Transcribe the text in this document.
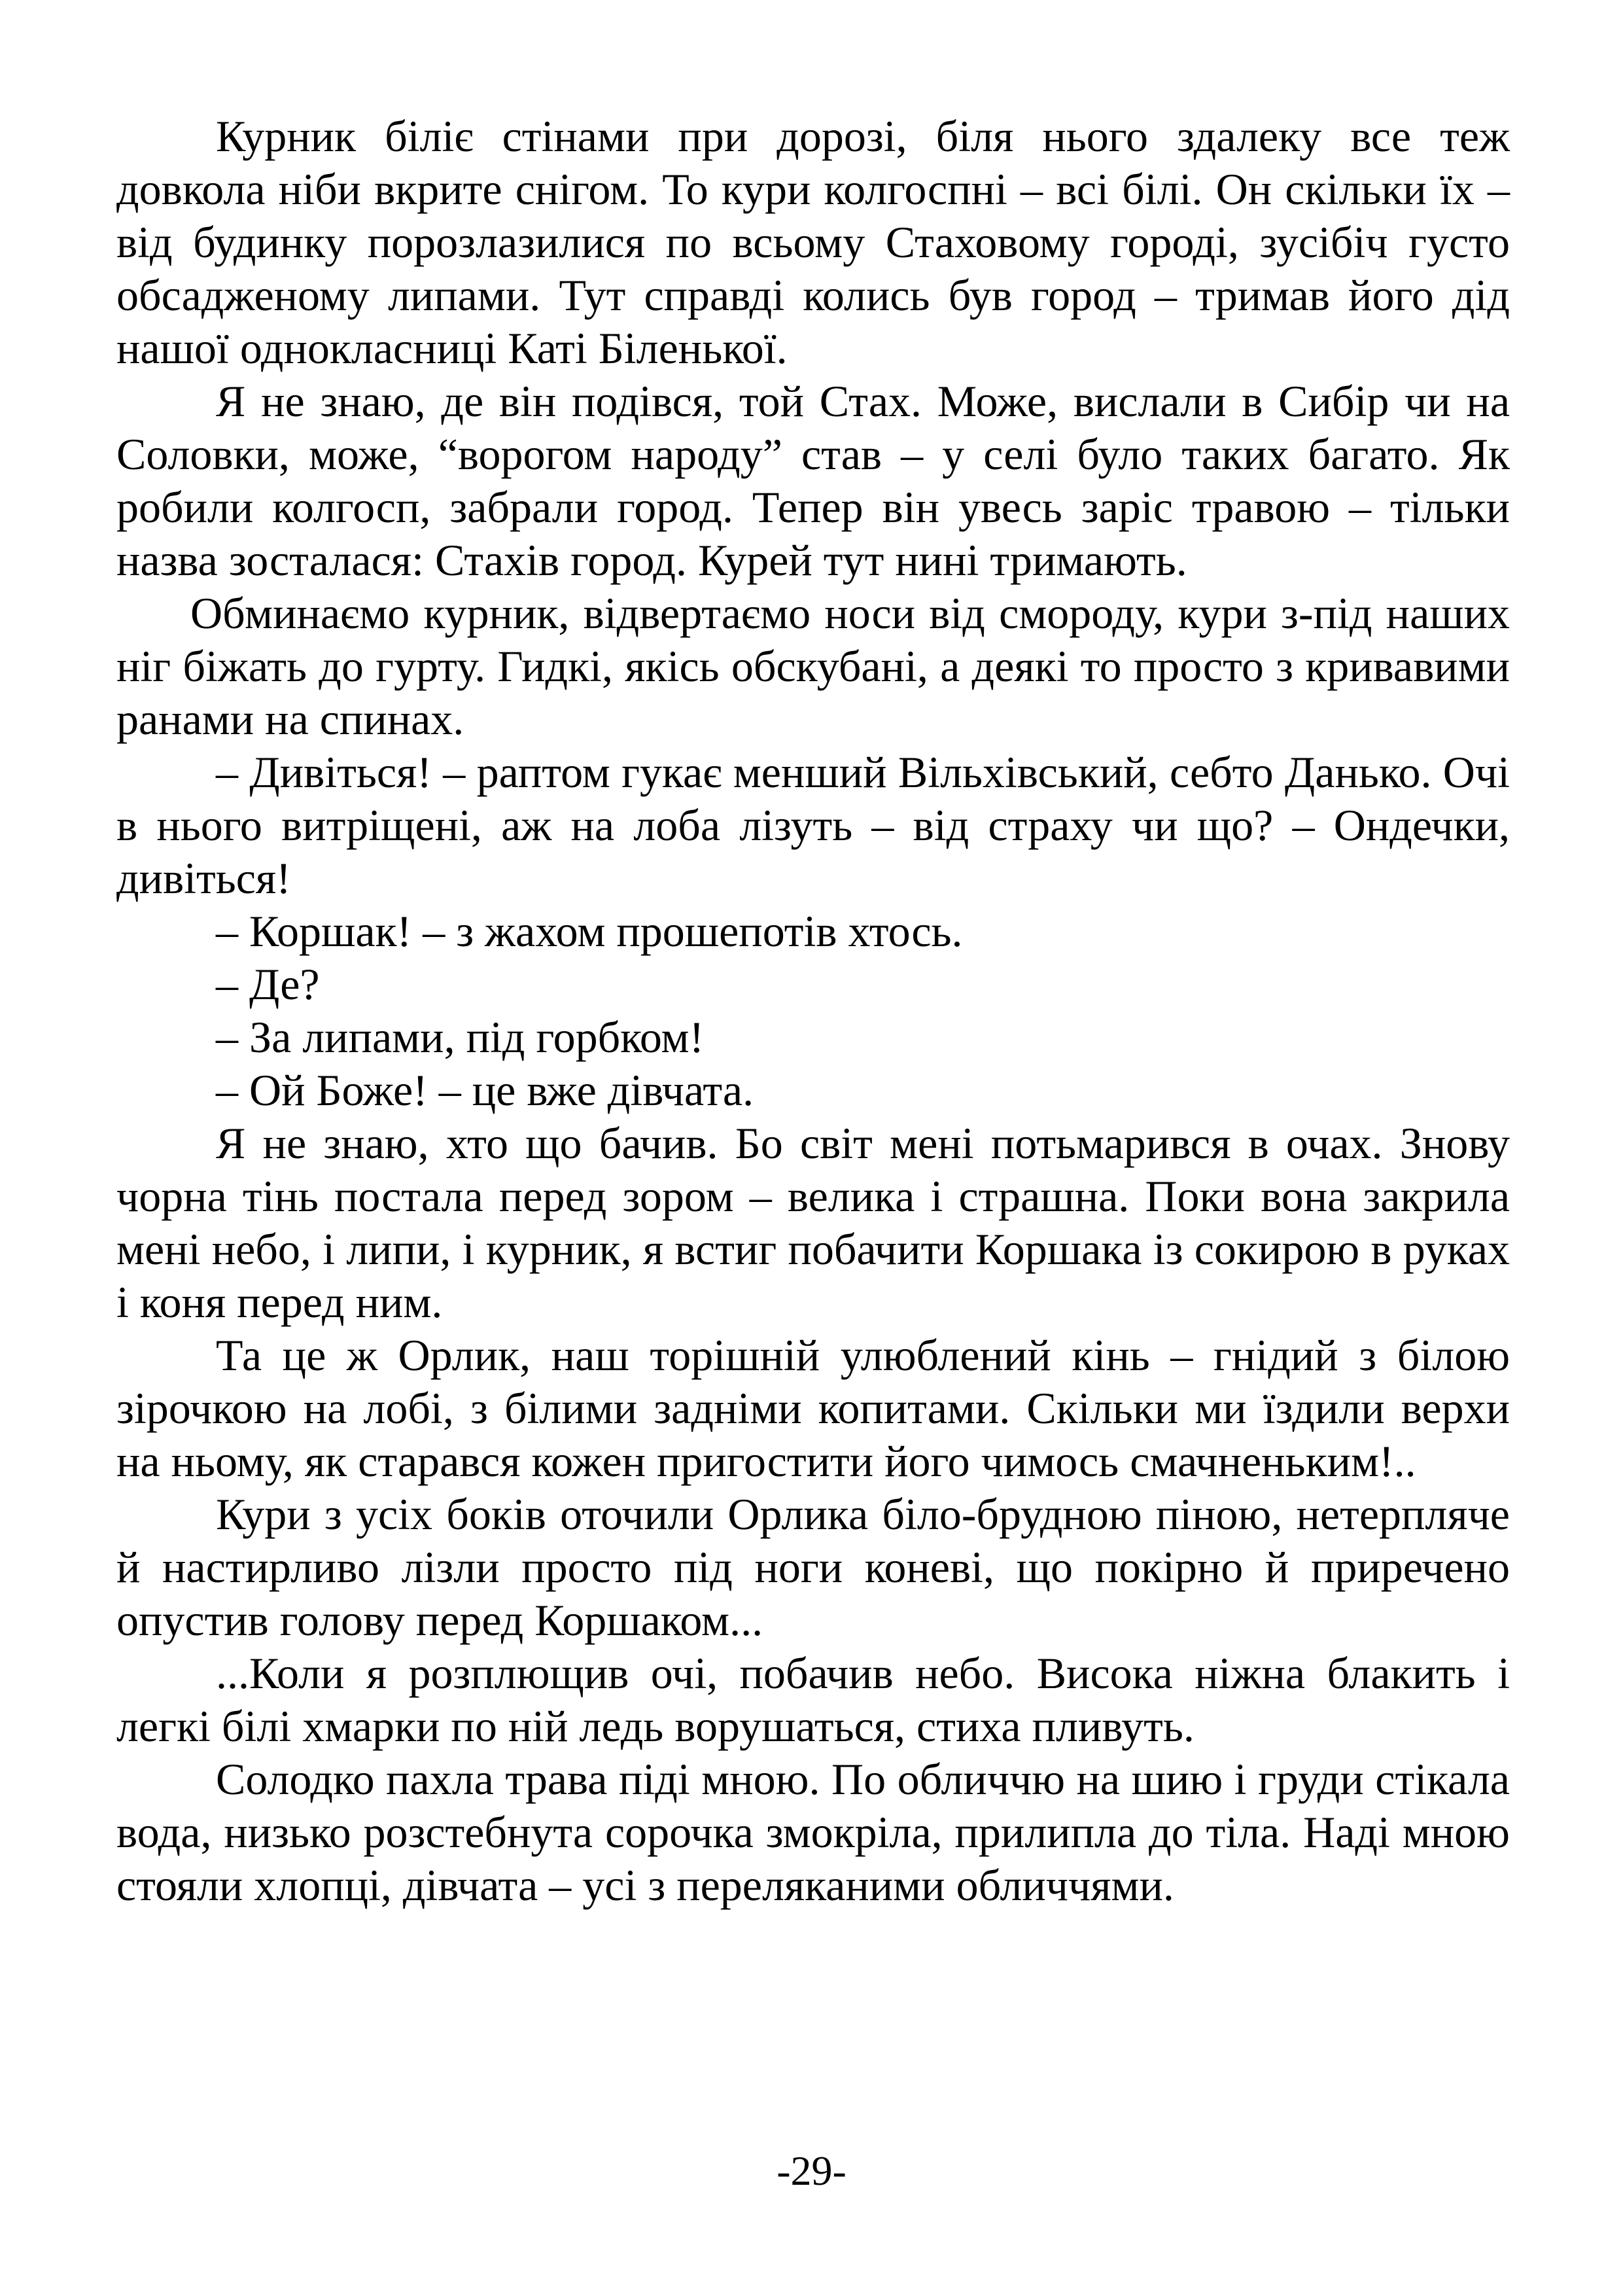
Курник біліє стінами при дорозі, біля нього здалеку все теж довкола ніби вкрите снігом. То кури колгоспні – всі білі. Он скільки їх – від будинку порозлазилися по всьому Стаховому городі, зусібіч густо обсадженому липами. Тут справді колись був город – тримав його дід нашої однокласниці Каті Біленької.

Я не знаю, де він подівся, той Стах. Може, вислали в Сибір чи на Соловки, може, “ворогом народу” став – у селі було таких багато. Як робили колгосп, забрали город. Тепер він увесь заріс травою – тільки назва зосталася: Стахів город. Курей тут нині тримають.

Обминаємо курник, відвертаємо носи від смороду, кури з-під наших ніг біжать до гурту. Гидкі, якісь обскубані, а деякі то просто з кривавими ранами на спинах.

– Дивіться! – раптом гукає менший Вільхівський, себто Данько. Очі в нього витріщені, аж на лоба лізуть – від страху чи що? – Ондечки, дивіться!

– Коршак! – з жахом прошепотів хтось.

– Де?

– За липами, під горбком!

– Ой Боже! – це вже дівчата.

Я не знаю, хто що бачив. Бо світ мені потьмарився в очах. Знову чорна тінь постала перед зором – велика і страшна. Поки вона закрила мені небо, і липи, і курник, я встиг побачити Коршака із сокирою в руках і коня перед ним.

Та це ж Орлик, наш торішній улюблений кінь – гнідий з білою зірочкою на лобі, з білими задніми копитами. Скільки ми їздили верхи на ньому, як старався кожен пригостити його чимось смачненьким!..

Кури з усіх боків оточили Орлика біло-брудною піною, нетерпляче й настирливо лізли просто під ноги коневі, що покірно й приречено опустив голову перед Коршаком...

...Коли я розплющив очі, побачив небо. Висока ніжна блакить і легкі білі хмарки по ній ледь ворушаться, стиха пливуть.

Солодко пахла трава піді мною. По обличчю на шию і груди стікала вода, низько розстебнута сорочка змокріла, прилипла до тіла. Наді мною стояли хлопці, дівчата – усі з переляканими обличчями.

-29-
